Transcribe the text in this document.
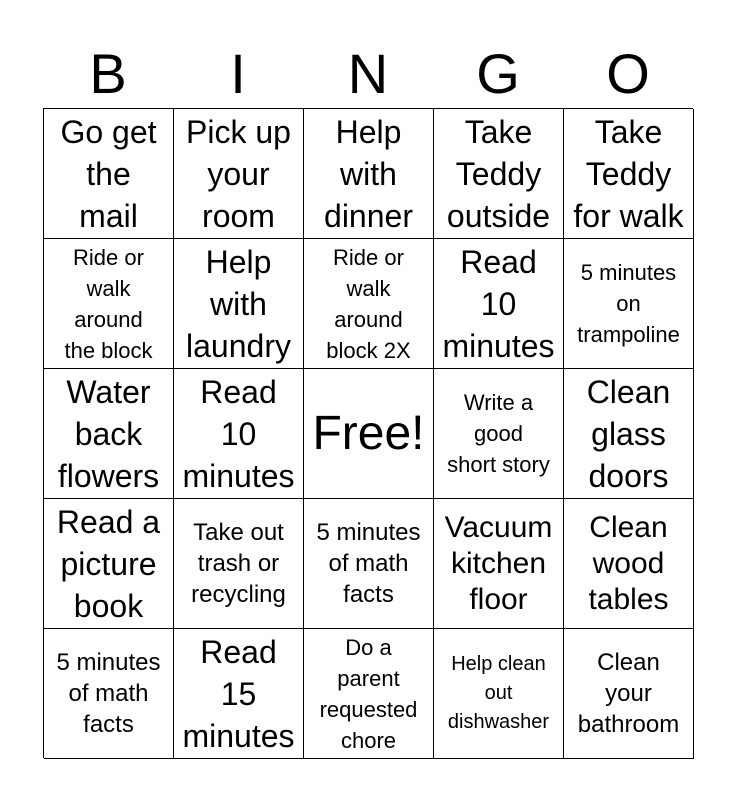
B	I	N	G	O
Go get
the
mail
Pick up
your
room
Help
with
dinner
Take
Teddy
outside
Take
Teddy
for walk
Ride or
walk
around
the block
Help
with
laundry
Ride or
walk
around
block 2X
Read
10
minutes
5 minutes
on
trampoline
Water
back
flowers
Read
10
minutes
Free!
Write a
good
short story
Clean
glass
doors
Read a
picture
book
Take out
trash or
recycling
5 minutes
of math
facts
Vacuum
kitchen
floor
Clean
wood
tables
5 minutes
of math
facts
Read
15
minutes
Do a
parent
requested
chore
Help clean
out
dishwasher
Clean
your
bathroom
